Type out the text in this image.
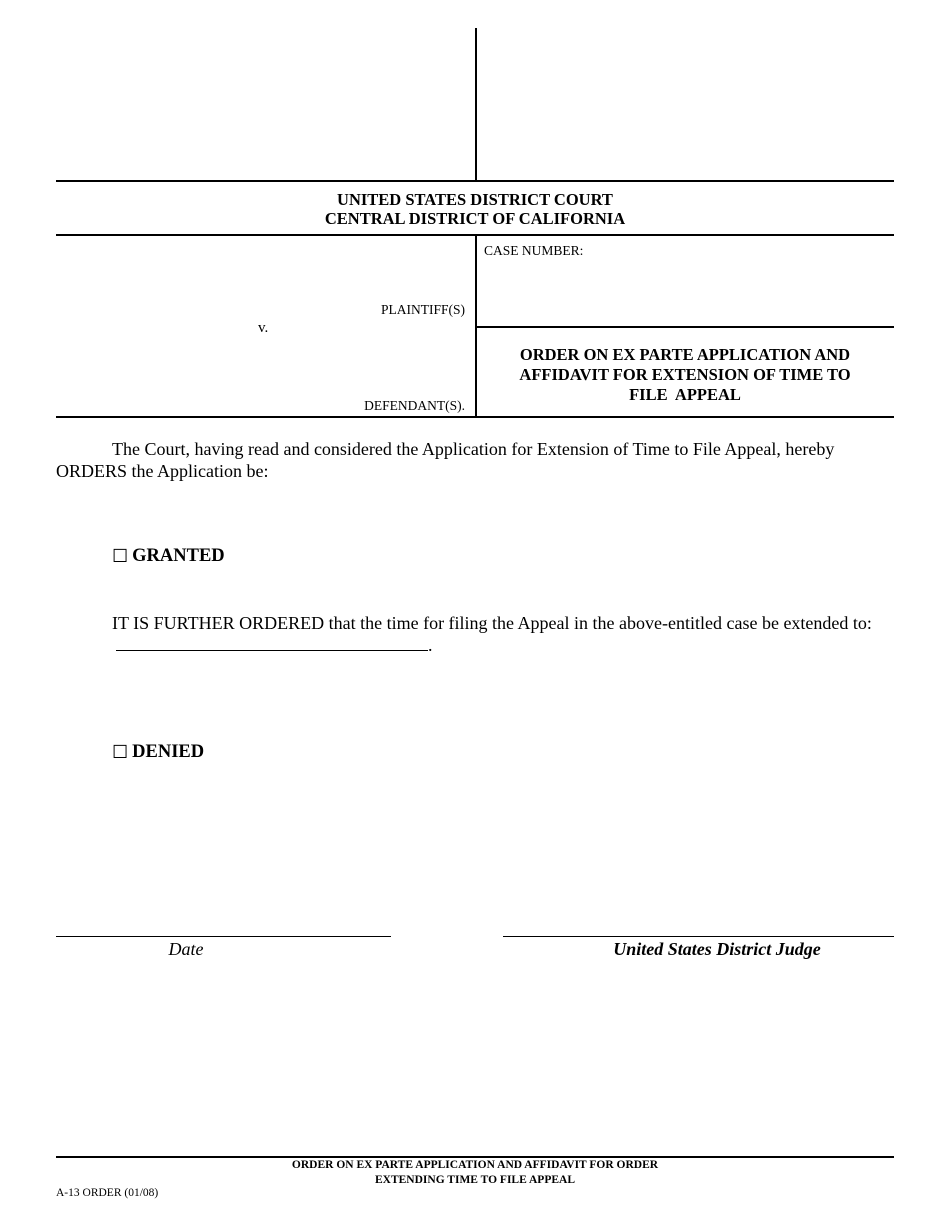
UNITED STATES DISTRICT COURT
CENTRAL DISTRICT OF CALIFORNIA
PLAINTIFF(S)
v.
DEFENDANT(S).
CASE NUMBER:
ORDER ON EX PARTE APPLICATION AND
AFFIDAVIT FOR EXTENSION OF TIME TO
FILE  APPEAL
The Court, having read and considered the Application for Extension of Time to File Appeal, hereby ORDERS the Application be:
☐ GRANTED
IT IS FURTHER ORDERED that the time for filing the Appeal in the above-entitled case be extended to:.
☐ DENIED
Date	United States District Judge
ORDER ON EX PARTE APPLICATION AND AFFIDAVIT FOR ORDER
EXTENDING TIME TO FILE APPEAL
A-13 ORDER (01/08)
